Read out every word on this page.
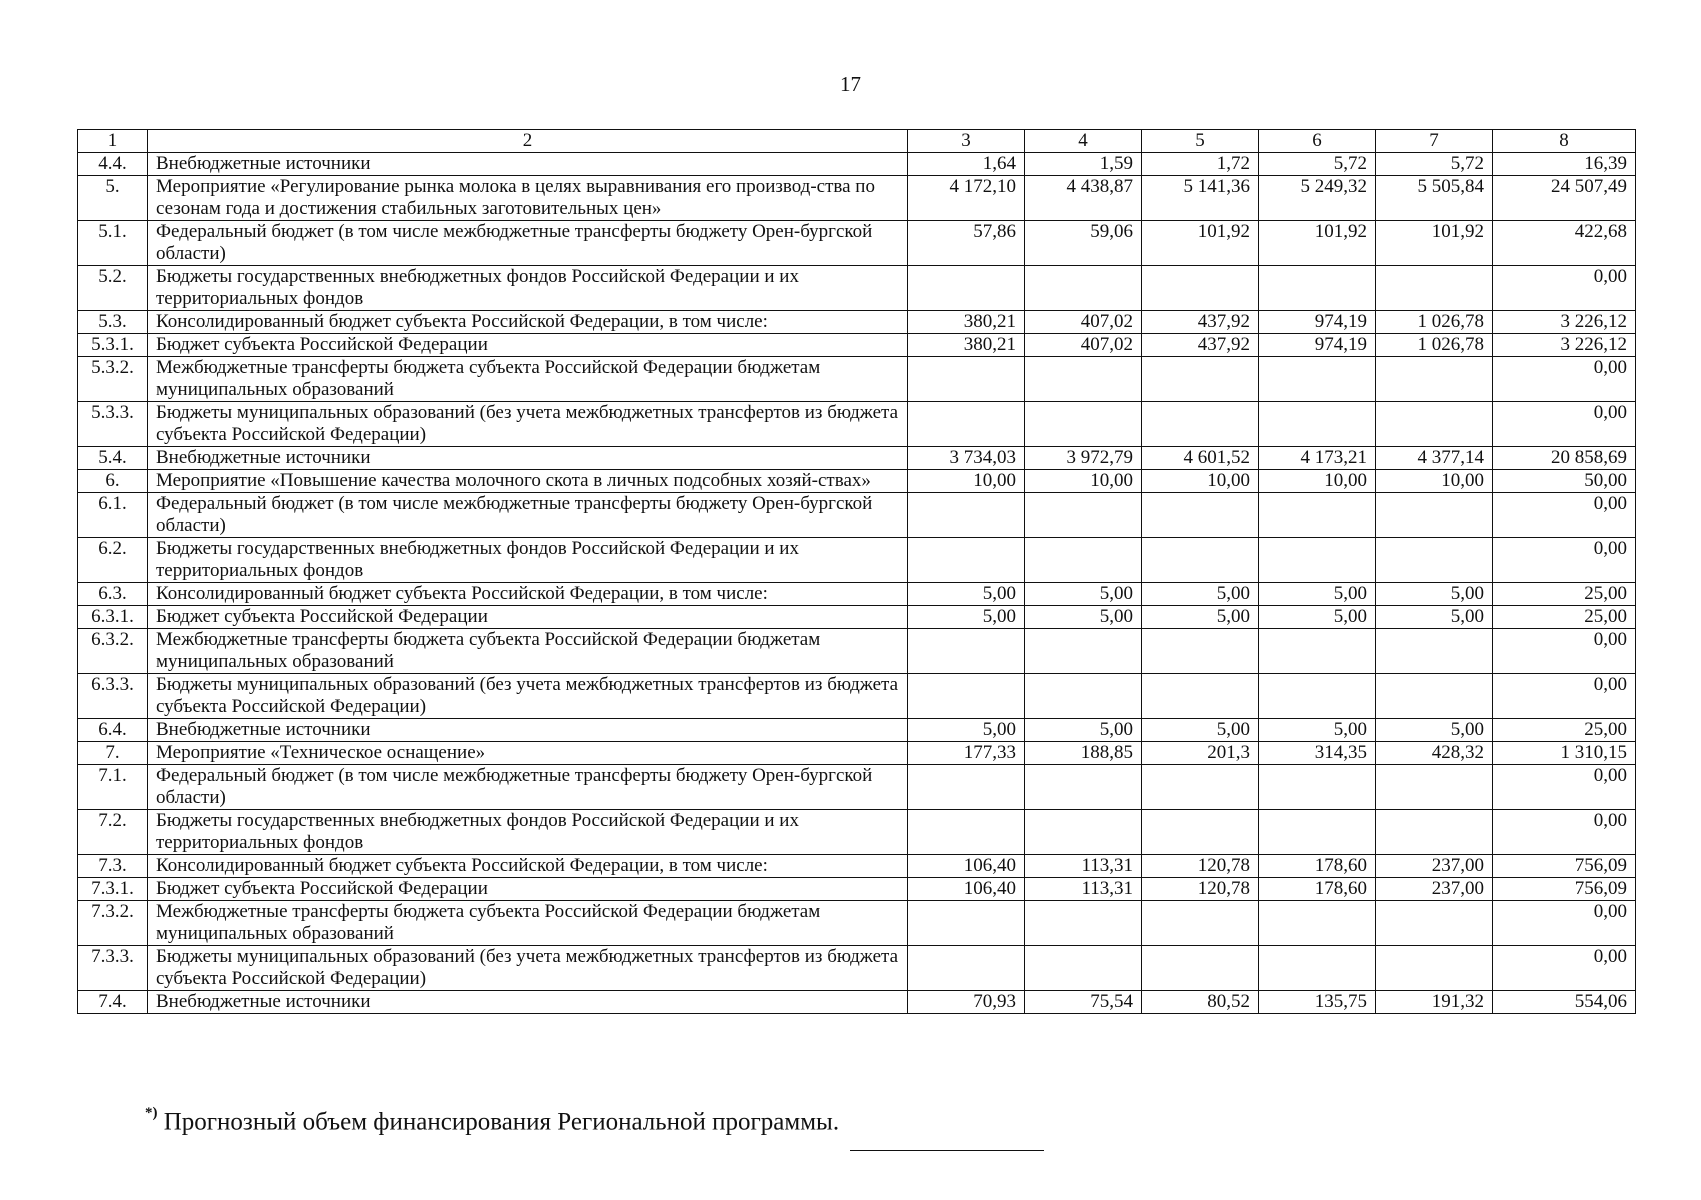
17
1	2	3	4	5	6	7	8
4.4.	Внебюджетные источники	1,64	1,59	1,72	5,72	5,72	16,39
5.	Мероприятие «Регулирование рынка молока в целях выравнивания его производ-ства по сезонам года и достижения стабильных заготовительных цен»	4 172,10	4 438,87	5 141,36	5 249,32	5 505,84	24 507,49
5.1.	Федеральный бюджет (в том числе межбюджетные трансферты бюджету Орен-бургской области)	57,86	59,06	101,92	101,92	101,92	422,68
5.2.	Бюджеты государственных внебюджетных фондов Российской Федерации и их территориальных фондов						0,00
5.3.	Консолидированный бюджет субъекта Российской Федерации, в том числе:	380,21	407,02	437,92	974,19	1 026,78	3 226,12
5.3.1.	Бюджет субъекта Российской Федерации	380,21	407,02	437,92	974,19	1 026,78	3 226,12
5.3.2.	Межбюджетные трансферты бюджета субъекта Российской Федерации бюджетам муниципальных образований						0,00
5.3.3.	Бюджеты муниципальных образований (без учета межбюджетных трансфертов из бюджета субъекта Российской Федерации)						0,00
5.4.	Внебюджетные источники	3 734,03	3 972,79	4 601,52	4 173,21	4 377,14	20 858,69
6.	Мероприятие «Повышение качества молочного скота в личных подсобных хозяй-ствах»	10,00	10,00	10,00	10,00	10,00	50,00
6.1.	Федеральный бюджет (в том числе межбюджетные трансферты бюджету Орен-бургской области)						0,00
6.2.	Бюджеты государственных внебюджетных фондов Российской Федерации и их территориальных фондов						0,00
6.3.	Консолидированный бюджет субъекта Российской Федерации, в том числе:	5,00	5,00	5,00	5,00	5,00	25,00
6.3.1.	Бюджет субъекта Российской Федерации	5,00	5,00	5,00	5,00	5,00	25,00
6.3.2.	Межбюджетные трансферты бюджета субъекта Российской Федерации бюджетам муниципальных образований						0,00
6.3.3.	Бюджеты муниципальных образований (без учета межбюджетных трансфертов из бюджета субъекта Российской Федерации)						0,00
6.4.	Внебюджетные источники	5,00	5,00	5,00	5,00	5,00	25,00
7.	Мероприятие «Техническое оснащение»	177,33	188,85	201,3	314,35	428,32	1 310,15
7.1.	Федеральный бюджет (в том числе межбюджетные трансферты бюджету Орен-бургской области)						0,00
7.2.	Бюджеты государственных внебюджетных фондов Российской Федерации и их территориальных фондов						0,00
7.3.	Консолидированный бюджет субъекта Российской Федерации, в том числе:	106,40	113,31	120,78	178,60	237,00	756,09
7.3.1.	Бюджет субъекта Российской Федерации	106,40	113,31	120,78	178,60	237,00	756,09
7.3.2.	Межбюджетные трансферты бюджета субъекта Российской Федерации бюджетам муниципальных образований						0,00
7.3.3.	Бюджеты муниципальных образований (без учета межбюджетных трансфертов из бюджета субъекта Российской Федерации)						0,00
7.4.	Внебюджетные источники	70,93	75,54	80,52	135,75	191,32	554,06
*) Прогнозный объем финансирования Региональной программы.
